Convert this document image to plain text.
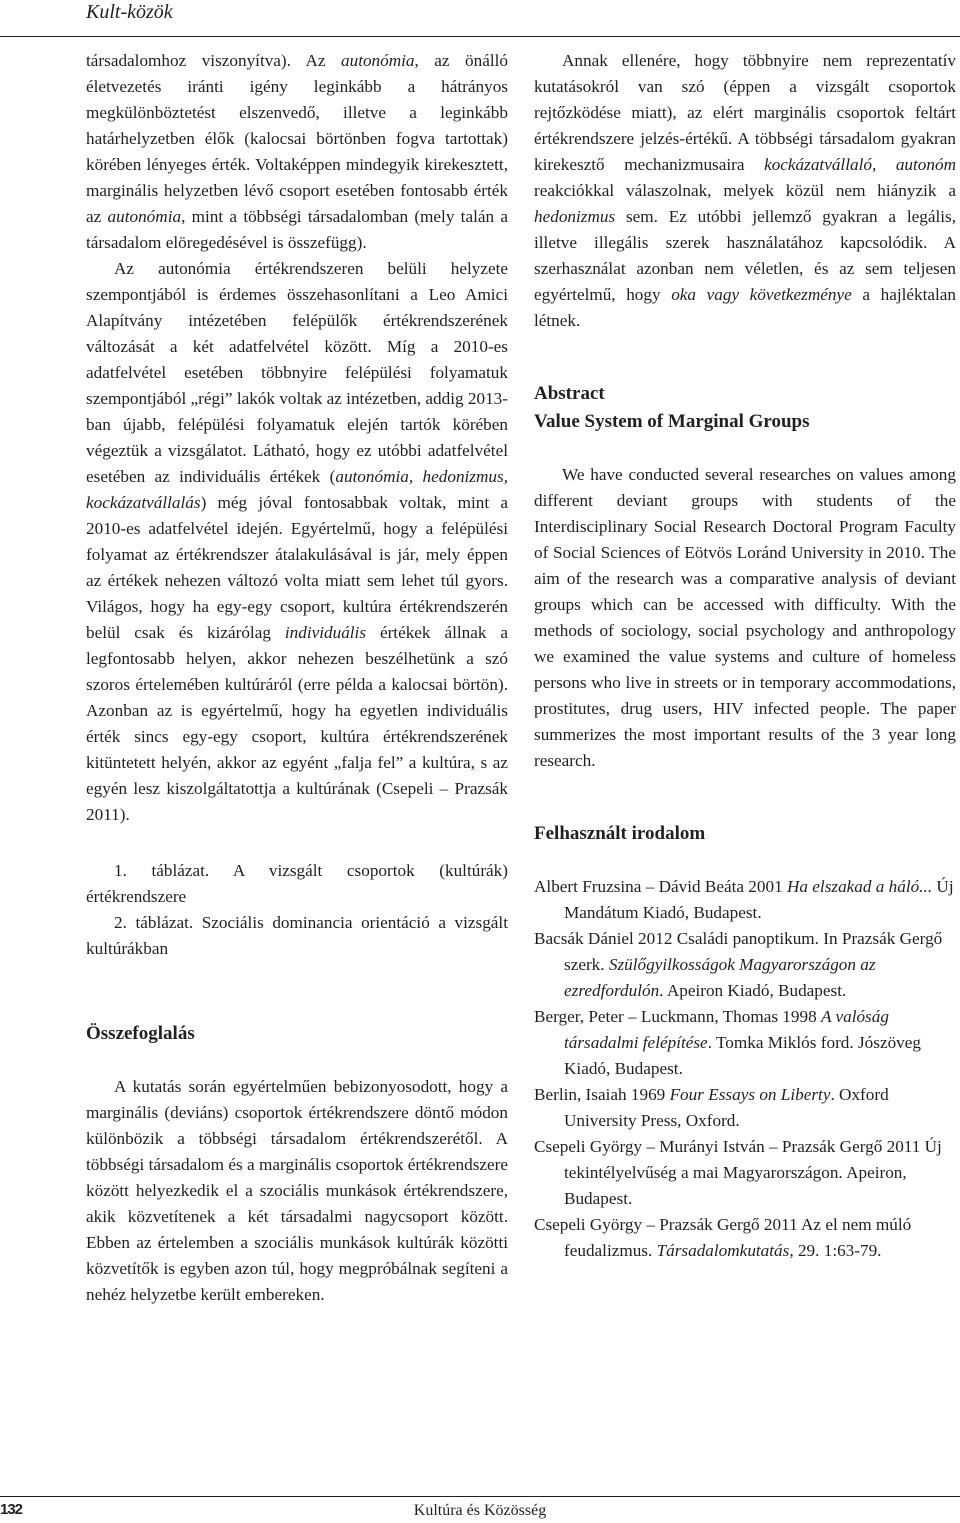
Kult-közök

társadalomhoz viszonyítva). Az autonómia, az önálló életvezetés iránti igény leginkább a hátrányos megkülönböztetést elszenvedő, illetve a leginkább határhelyzetben élők (kalocsai börtönben fogva tartottak) körében lényeges érték. Voltaképpen mindegyik kirekesztett, marginális helyzetben lévő csoport esetében fontosabb érték az autonómia, mint a többségi társadalomban (mely talán a társadalom elöregedésével is összefügg).

Az autonómia értékrendszeren belüli helyzete szempontjából is érdemes összehasonlítani a Leo Amici Alapítvány intézetében felépülők értékrendszerének változását a két adatfelvétel között. Míg a 2010-es adatfelvétel esetében többnyire felépülési folyamatuk szempontjából „régi” lakók voltak az intézetben, addig 2013-ban újabb, felépülési folyamatuk elején tartók körében végeztük a vizsgálatot. Látható, hogy ez utóbbi adatfelvétel esetében az individuális értékek (autonómia, hedonizmus, kockázatvállalás) még jóval fontosabbak voltak, mint a 2010-es adatfelvétel idején. Egyértelmű, hogy a felépülési folyamat az értékrendszer átalakulásával is jár, mely éppen az értékek nehezen változó volta miatt sem lehet túl gyors. Világos, hogy ha egy-egy csoport, kultúra értékrendszerén belül csak és kizárólag individuális értékek állnak a legfontosabb helyen, akkor nehezen beszélhetünk a szó szoros értelemében kultúráról (erre példa a kalocsai börtön). Azonban az is egyértelmű, hogy ha egyetlen individuális érték sincs egy-egy csoport, kultúra értékrendszerének kitüntetett helyén, akkor az egyént „falja fel” a kultúra, s az egyén lesz kiszolgáltatottja a kultúrának (Csepeli – Prazsák 2011).

1. táblázat. A vizsgált csoportok (kultúrák) értékrendszere

2. táblázat. Szociális dominancia orientáció a vizsgált kultúrákban

Összefoglalás

A kutatás során egyértelműen bebizonyosodott, hogy a marginális (deviáns) csoportok értékrendszere döntő módon különbözik a többségi társadalom értékrendszerétől. A többségi társadalom és a marginális csoportok értékrendszere között helyezkedik el a szociális munkások értékrendszere, akik közvetítenek a két társadalmi nagycsoport között. Ebben az értelemben a szociális munkások kultúrák közötti közvetítők is egyben azon túl, hogy megpróbálnak segíteni a nehéz helyzetbe került embereken.

Annak ellenére, hogy többnyire nem reprezentatív kutatásokról van szó (éppen a vizsgált csoportok rejtőzködése miatt), az elért marginális csoportok feltárt értékrendszere jelzés-értékű. A többségi társadalom gyakran kirekesztő mechanizmusaira kockázatvállaló, autonóm reakciókkal válaszolnak, melyek közül nem hiányzik a hedonizmus sem. Ez utóbbi jellemző gyakran a legális, illetve illegális szerek használatához kapcsolódik. A szerhasználat azonban nem véletlen, és az sem teljesen egyértelmű, hogy oka vagy következménye a hajléktalan létnek.

Abstract
Value System of Marginal Groups

We have conducted several researches on values among different deviant groups with students of the Interdisciplinary Social Research Doctoral Program Faculty of Social Sciences of Eötvös Loránd University in 2010. The aim of the research was a comparative analysis of deviant groups which can be accessed with difficulty. With the methods of sociology, social psychology and anthropology we examined the value systems and culture of homeless persons who live in streets or in temporary accommodations, prostitutes, drug users, HIV infected people. The paper summerizes the most important results of the 3 year long research.

Felhasznált irodalom

Albert Fruzsina – Dávid Beáta 2001 Ha elszakad a háló... Új Mandátum Kiadó, Budapest.

Bacsák Dániel 2012 Családi panoptikum. In Prazsák Gergő szerk. Szülőgyilkosságok Magyarországon az ezredfordulón. Apeiron Kiadó, Budapest.

Berger, Peter – Luckmann, Thomas 1998 A valóság társadalmi felépítése. Tomka Miklós ford. Jószöveg Kiadó, Budapest.

Berlin, Isaiah 1969 Four Essays on Liberty. Oxford University Press, Oxford.

Csepeli György – Murányi István – Prazsák Gergő 2011 Új tekintélyelvűség a mai Magyarországon. Apeiron, Budapest.

Csepeli György – Prazsák Gergő 2011 Az el nem múló feudalizmus. Társadalomkutatás, 29. 1:63-79.

132	Kultúra és Közösség
